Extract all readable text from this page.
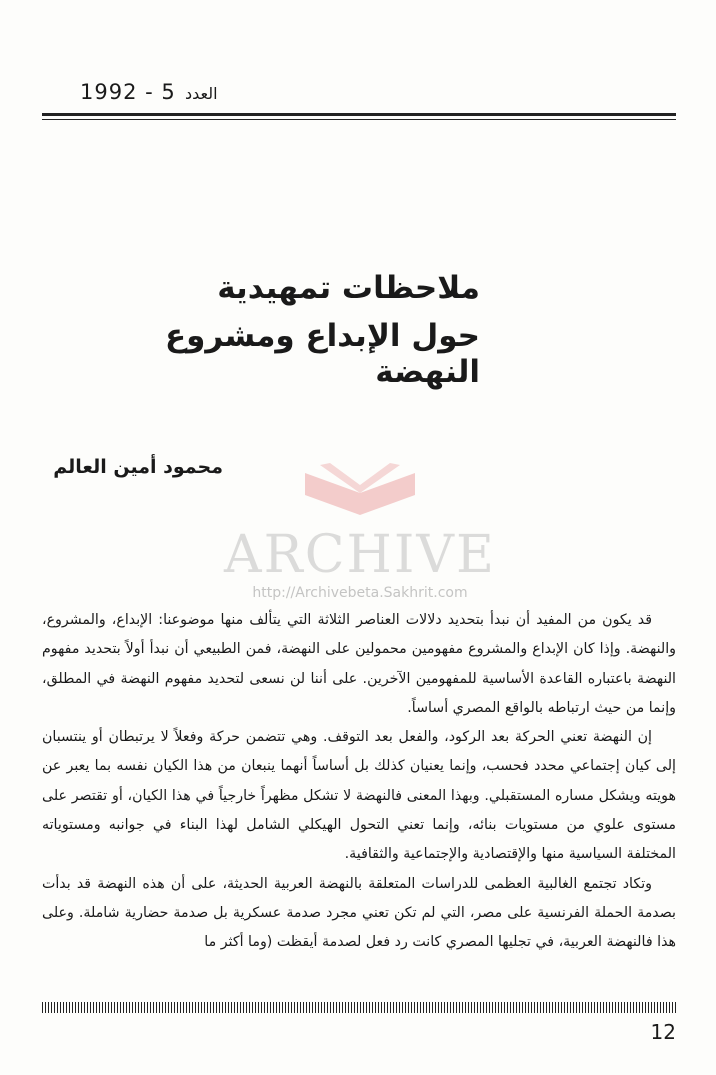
1992 - 5 العدد
ملاحظات تمهيدية
حول الإبداع ومشروع النهضة
محمود أمين العالم
ARCHIVE
http://Archivebeta.Sakhrit.com

قد يكون من المفيد أن نبدأ بتحديد دلالات العناصر الثلاثة التي يتألف منها موضوعنا: الإبداع، والمشروع، والنهضة. وإذا كان الإبداع والمشروع مفهومين محمولين على النهضة، فمن الطبيعي أن نبدأ أولاً بتحديد مفهوم النهضة باعتباره القاعدة الأساسية للمفهومين الآخرين. على أننا لن نسعى لتحديد مفهوم النهضة في المطلق، وإنما من حيث ارتباطه بالواقع المصري أساساً.

إن النهضة تعني الحركة بعد الركود، والفعل بعد التوقف. وهي تتضمن حركة وفعلاً لا يرتبطان أو ينتسبان إلى كيان إجتماعي محدد فحسب، وإنما يعنيان كذلك بل أساساً أنهما ينبعان من هذا الكيان نفسه بما يعبر عن هويته ويشكل مساره المستقبلي. وبهذا المعنى فالنهضة لا تشكل مظهراً خارجياً في هذا الكيان، أو تقتصر على مستوى علوي من مستويات بنائه، وإنما تعني التحول الهيكلي الشامل لهذا البناء في جوانبه ومستوياته المختلفة السياسية منها والإقتصادية والإجتماعية والثقافية.

وتكاد تجتمع الغالبية العظمى للدراسات المتعلقة بالنهضة العربية الحديثة، على أن هذه النهضة قد بدأت بصدمة الحملة الفرنسية على مصر، التي لم تكن تعني مجرد صدمة عسكرية بل صدمة حضارية شاملة. وعلى هذا فالنهضة العربية، في تجليها المصري كانت رد فعل لصدمة أيقظت (وما أكثر ما

12
